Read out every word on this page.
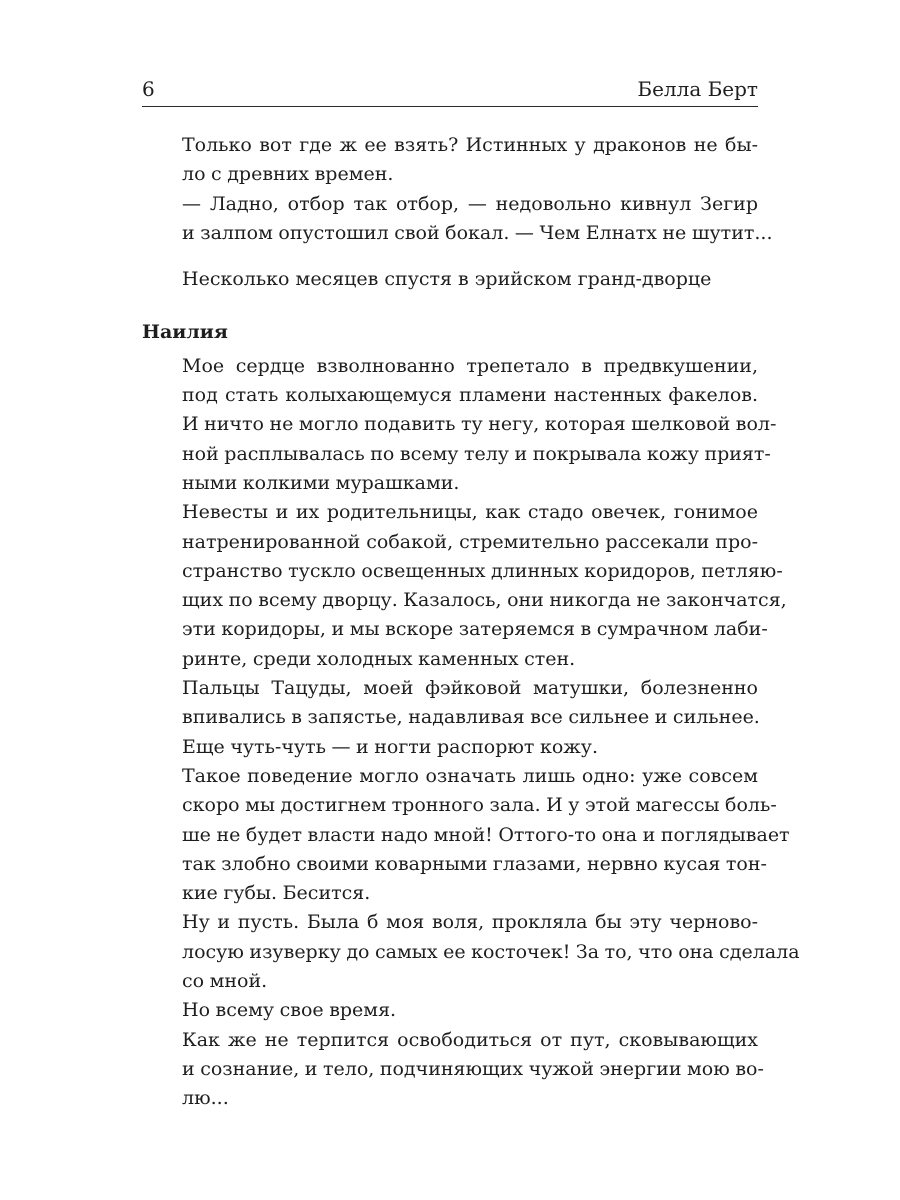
6	Белла Берт
Только вот где ж ее взять? Истинных у драконов не бы-
ло с древних времен.
— Ладно, отбор так отбор, — недовольно кивнул Зегир
и залпом опустошил свой бокал. — Чем Елнатх не шутит...

Несколько месяцев спустя в эрийском гранд-дворце

Наилия

Мое сердце взволнованно трепетало в предвкушении,
под стать колыхающемуся пламени настенных факелов.
И ничто не могло подавить ту негу, которая шелковой вол-
ной расплывалась по всему телу и покрывала кожу прият-
ными колкими мурашками.
Невесты и их родительницы, как стадо овечек, гонимое
натренированной собакой, стремительно рассекали про-
странство тускло освещенных длинных коридоров, петляю-
щих по всему дворцу. Казалось, они никогда не закончатся,
эти коридоры, и мы вскоре затеряемся в сумрачном лаби-
ринте, среди холодных каменных стен.
Пальцы Тацуды, моей фэйковой матушки, болезненно
впивались в запястье, надавливая все сильнее и сильнее.
Еще чуть-чуть — и ногти распорют кожу.
Такое поведение могло означать лишь одно: уже совсем
скоро мы достигнем тронного зала. И у этой магессы боль-
ше не будет власти надо мной! Оттого-то она и поглядывает
так злобно своими коварными глазами, нервно кусая тон-
кие губы. Бесится.
Ну и пусть. Была б моя воля, прокляла бы эту черново-
лосую изуверку до самых ее косточек! За то, что она сделала
со мной.
Но всему свое время.
Как же не терпится освободиться от пут, сковывающих
и сознание, и тело, подчиняющих чужой энергии мою во-
лю...
